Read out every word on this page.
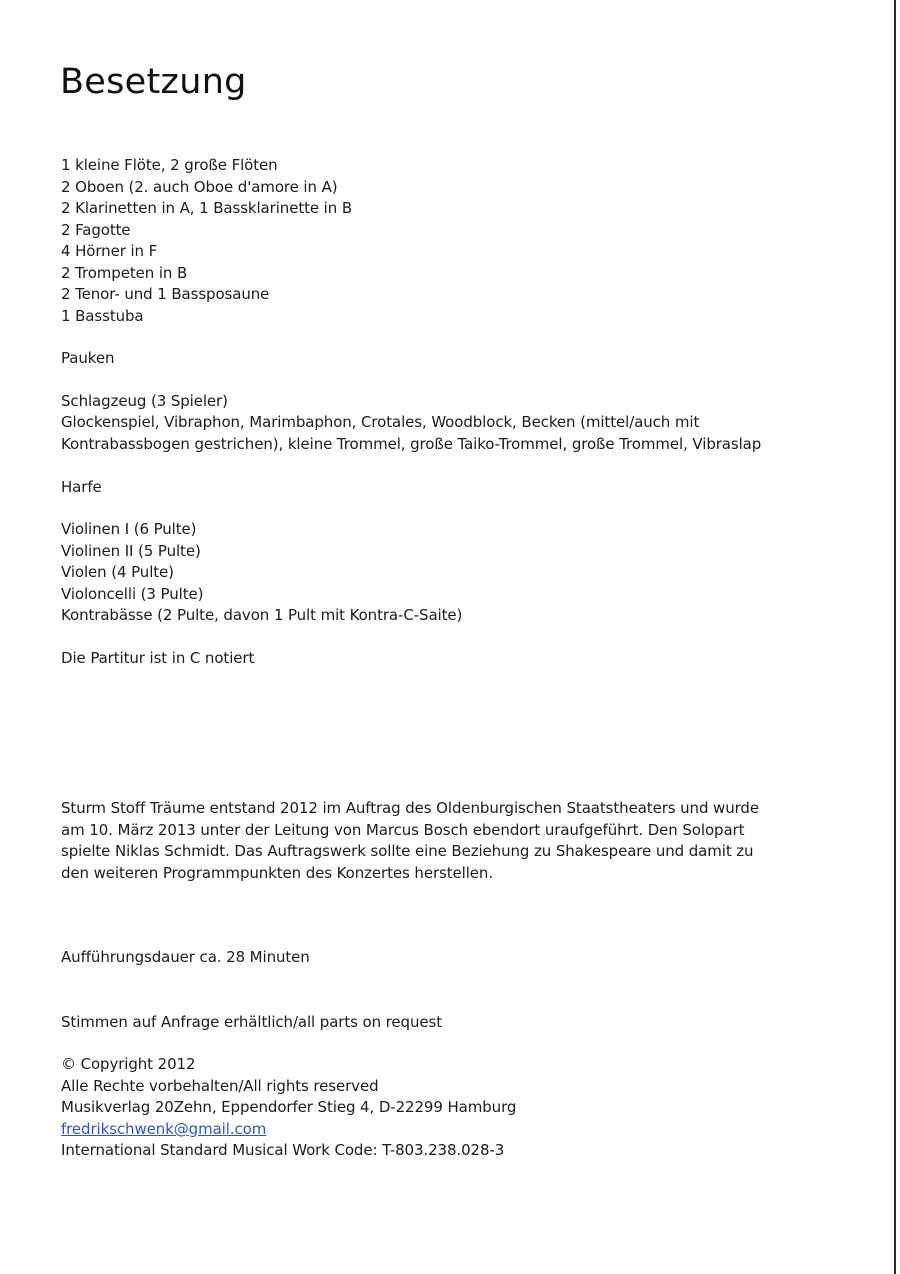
Besetzung
1 kleine Flöte, 2 große Flöten
2 Oboen (2. auch Oboe d'amore in A)
2 Klarinetten in A, 1 Bassklarinette in B
2 Fagotte
4 Hörner in F
2 Trompeten in B
2 Tenor- und 1 Bassposaune
1 Basstuba
Pauken
Schlagzeug (3 Spieler)
Glockenspiel, Vibraphon, Marimbaphon, Crotales, Woodblock, Becken (mittel/auch mit
Kontrabassbogen gestrichen), kleine Trommel, große Taiko-Trommel, große Trommel, Vibraslap
Harfe
Violinen I (6 Pulte)
Violinen II (5 Pulte)
Violen (4 Pulte)
Violoncelli (3 Pulte)
Kontrabässe (2 Pulte, davon 1 Pult mit Kontra-C-Saite)
Die Partitur ist in C notiert
Sturm Stoff Träume entstand 2012 im Auftrag des Oldenburgischen Staatstheaters und wurde
am 10. März 2013 unter der Leitung von Marcus Bosch ebendort uraufgeführt. Den Solopart
spielte Niklas Schmidt. Das Auftragswerk sollte eine Beziehung zu Shakespeare und damit zu
den weiteren Programmpunkten des Konzertes herstellen.
Aufführungsdauer ca. 28 Minuten
Stimmen auf Anfrage erhältlich/all parts on request
© Copyright 2012
Alle Rechte vorbehalten/All rights reserved
Musikverlag 20Zehn, Eppendorfer Stieg 4, D-22299 Hamburg
fredrikschwenk@gmail.com
International Standard Musical Work Code: T-803.238.028-3
